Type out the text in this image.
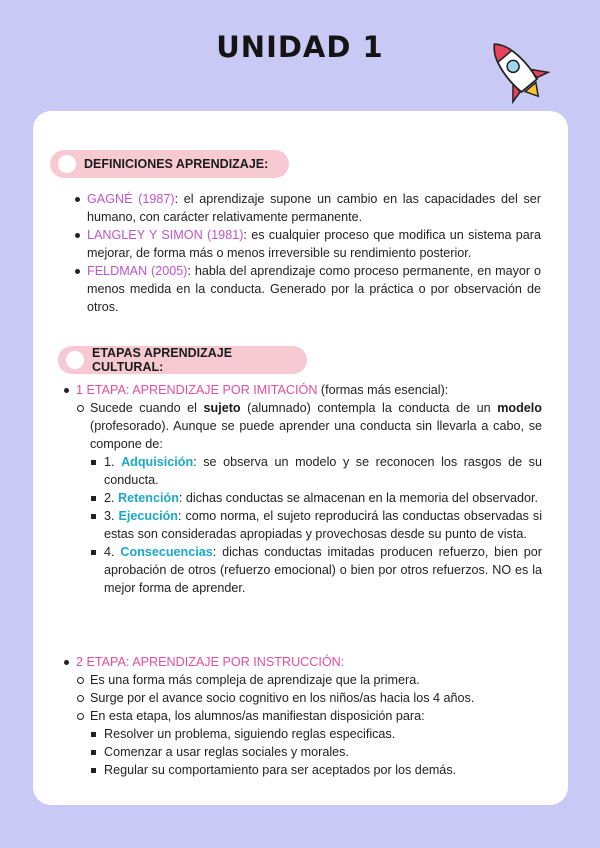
UNIDAD 1
DEFINICIONES APRENDIZAJE:
GAGNÉ (1987): el aprendizaje supone un cambio en las capacidades del ser humano, con carácter relativamente permanente.
LANGLEY Y SIMON (1981): es cualquier proceso que modifica un sistema para mejorar, de forma más o menos irreversible su rendimiento posterior.
FELDMAN (2005): habla del aprendizaje como proceso permanente, en mayor o menos medida en la conducta. Generado por la práctica o por observación de otros.
ETAPAS APRENDIZAJE CULTURAL:
1 ETAPA: APRENDIZAJE POR IMITACIÓN (formas más esencial):
Sucede cuando el sujeto (alumnado) contempla la conducta de un modelo (profesorado). Aunque se puede aprender una conducta sin llevarla a cabo, se compone de:
1. Adquisición: se observa un modelo y se reconocen los rasgos de su conducta.
2. Retención: dichas conductas se almacenan en la memoria del observador.
3. Ejecución: como norma, el sujeto reproducirá las conductas observadas si estas son consideradas apropiadas y provechosas desde su punto de vista.
4. Consecuencias: dichas conductas imitadas producen refuerzo, bien por aprobación de otros (refuerzo emocional) o bien por otros refuerzos. NO es la mejor forma de aprender.
2 ETAPA: APRENDIZAJE POR INSTRUCCIÓN:
Es una forma más compleja de aprendizaje que la primera.
Surge por el avance socio cognitivo en los niños/as hacia los 4 años.
En esta etapa, los alumnos/as manifiestan disposición para:
Resolver un problema, siguiendo reglas especificas.
Comenzar a usar reglas sociales y morales.
Regular su comportamiento para ser aceptados por los demás.
